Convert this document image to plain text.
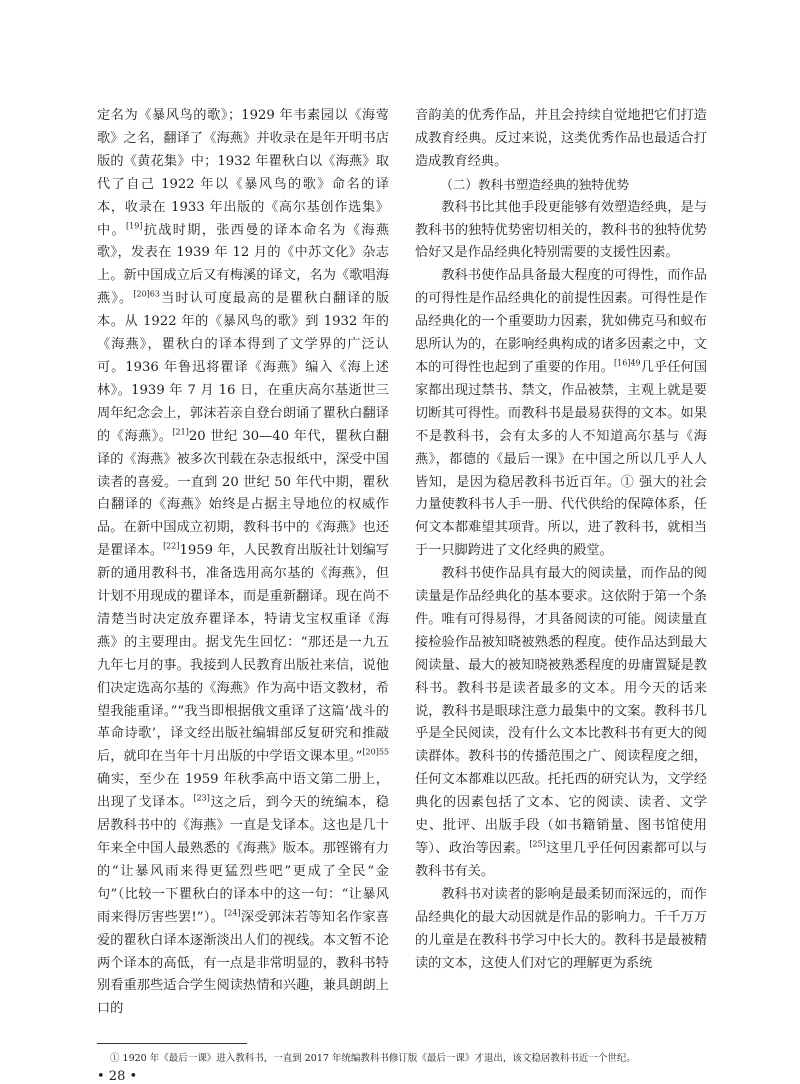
定名为《暴风鸟的歌》；1929 年韦素园以《海莺歌》之名，翻译了《海燕》并收录在是年开明书店版的《黄花集》中；1932 年瞿秋白以《海燕》取代了自己 1922 年以《暴风鸟的歌》命名的译本，收录在 1933 年出版的《高尔基创作选集》中。[19]抗战时期，张西曼的译本命名为《海燕歌》，发表在 1939 年 12 月的《中苏文化》杂志上。新中国成立后又有梅溪的译文，名为《歌唱海燕》。$^{[20]63}$当时认可度最高的是瞿秋白翻译的版本。从 1922 年的《暴风鸟的歌》到 1932 年的《海燕》，瞿秋白的译本得到了文学界的广泛认可。1936 年鲁迅将瞿译《海燕》编入《海上述林》。1939 年 7 月 16 日，在重庆高尔基逝世三周年纪念会上，郭沫若亲自登台朗诵了瞿秋白翻译的《海燕》。[21]20 世纪 30—40 年代，瞿秋白翻译的《海燕》被多次刊载在杂志报纸中，深受中国读者的喜爱。一直到 20 世纪 50 年代中期，瞿秋白翻译的《海燕》始终是占据主导地位的权威作品。在新中国成立初期，教科书中的《海燕》也还是瞿译本。[22]1959 年，人民教育出版社计划编写新的通用教科书，准备选用高尔基的《海燕》，但计划不用现成的瞿译本，而是重新翻译。现在尚不清楚当时决定放弃瞿译本，特请戈宝权重译《海燕》的主要理由。据戈先生回忆：“那还是一九五九年七月的事。我接到人民教育出版社来信，说他们决定选高尔基的《海燕》作为高中语文教材，希望我能重译。”“我当即根据俄文重译了这篇‘战斗的革命诗歌’，译文经出版社编辑部反复研究和推敲后，就印在当年十月出版的中学语文课本里。”$^{[20]55}$确实，至少在 1959 年秋季高中语文第二册上，出现了戈译本。[23]这之后，到今天的统编本，稳居教科书中的《海燕》一直是戈译本。这也是几十年来全中国人最熟悉的《海燕》版本。那铿锵有力的“让暴风雨来得更猛烈些吧”更成了全民“金句”（比较一下瞿秋白的译本中的这一句：“让暴风雨来得厉害些罢!”）。[24]深受郭沫若等知名作家喜爱的瞿秋白译本逐渐淡出人们的视线。本文暂不论两个译本的高低，有一点是非常明显的，教科书特别看重那些适合学生阅读热情和兴趣，兼具朗朗上口的

音韵美的优秀作品，并且会持续自觉地把它们打造成教育经典。反过来说，这类优秀作品也最适合打造成教育经典。

（二）教科书塑造经典的独特优势

教科书比其他手段更能够有效塑造经典，是与教科书的独特优势密切相关的，教科书的独特优势恰好又是作品经典化特别需要的支援性因素。

教科书使作品具备最大程度的可得性，而作品的可得性是作品经典化的前提性因素。可得性是作品经典化的一个重要助力因素，犹如佛克马和蚁布思所认为的，在影响经典构成的诸多因素之中，文本的可得性也起到了重要的作用。$^{[16]49}$几乎任何国家都出现过禁书、禁文，作品被禁，主观上就是要切断其可得性。而教科书是最易获得的文本。如果不是教科书，会有太多的人不知道高尔基与《海燕》，都德的《最后一课》在中国之所以几乎人人皆知，是因为稳居教科书近百年。① 强大的社会力量使教科书人手一册、代代供给的保障体系，任何文本都难望其项背。所以，进了教科书，就相当于一只脚跨进了文化经典的殿堂。

教科书使作品具有最大的阅读量，而作品的阅读量是作品经典化的基本要求。这依附于第一个条件。唯有可得易得，才具备阅读的可能。阅读量直接检验作品被知晓被熟悉的程度。使作品达到最大阅读量、最大的被知晓被熟悉程度的毋庸置疑是教科书。教科书是读者最多的文本。用今天的话来说，教科书是眼球注意力最集中的文案。教科书几乎是全民阅读，没有什么文本比教科书有更大的阅读群体。教科书的传播范围之广、阅读程度之细，任何文本都难以匹敌。托托西的研究认为，文学经典化的因素包括了文本、它的阅读、读者、文学史、批评、出版手段（如书籍销量、图书馆使用等）、政治等因素。[25]这里几乎任何因素都可以与教科书有关。

教科书对读者的影响是最柔韧而深远的，而作品经典化的最大动因就是作品的影响力。千千万万的儿童是在教科书学习中长大的。教科书是最被精读的文本，这使人们对它的理解更为系统

① 1920 年《最后一课》进入教科书，一直到 2017 年统编教科书修订版《最后一课》才退出，该文稳居教科书近一个世纪。
• 28 •
